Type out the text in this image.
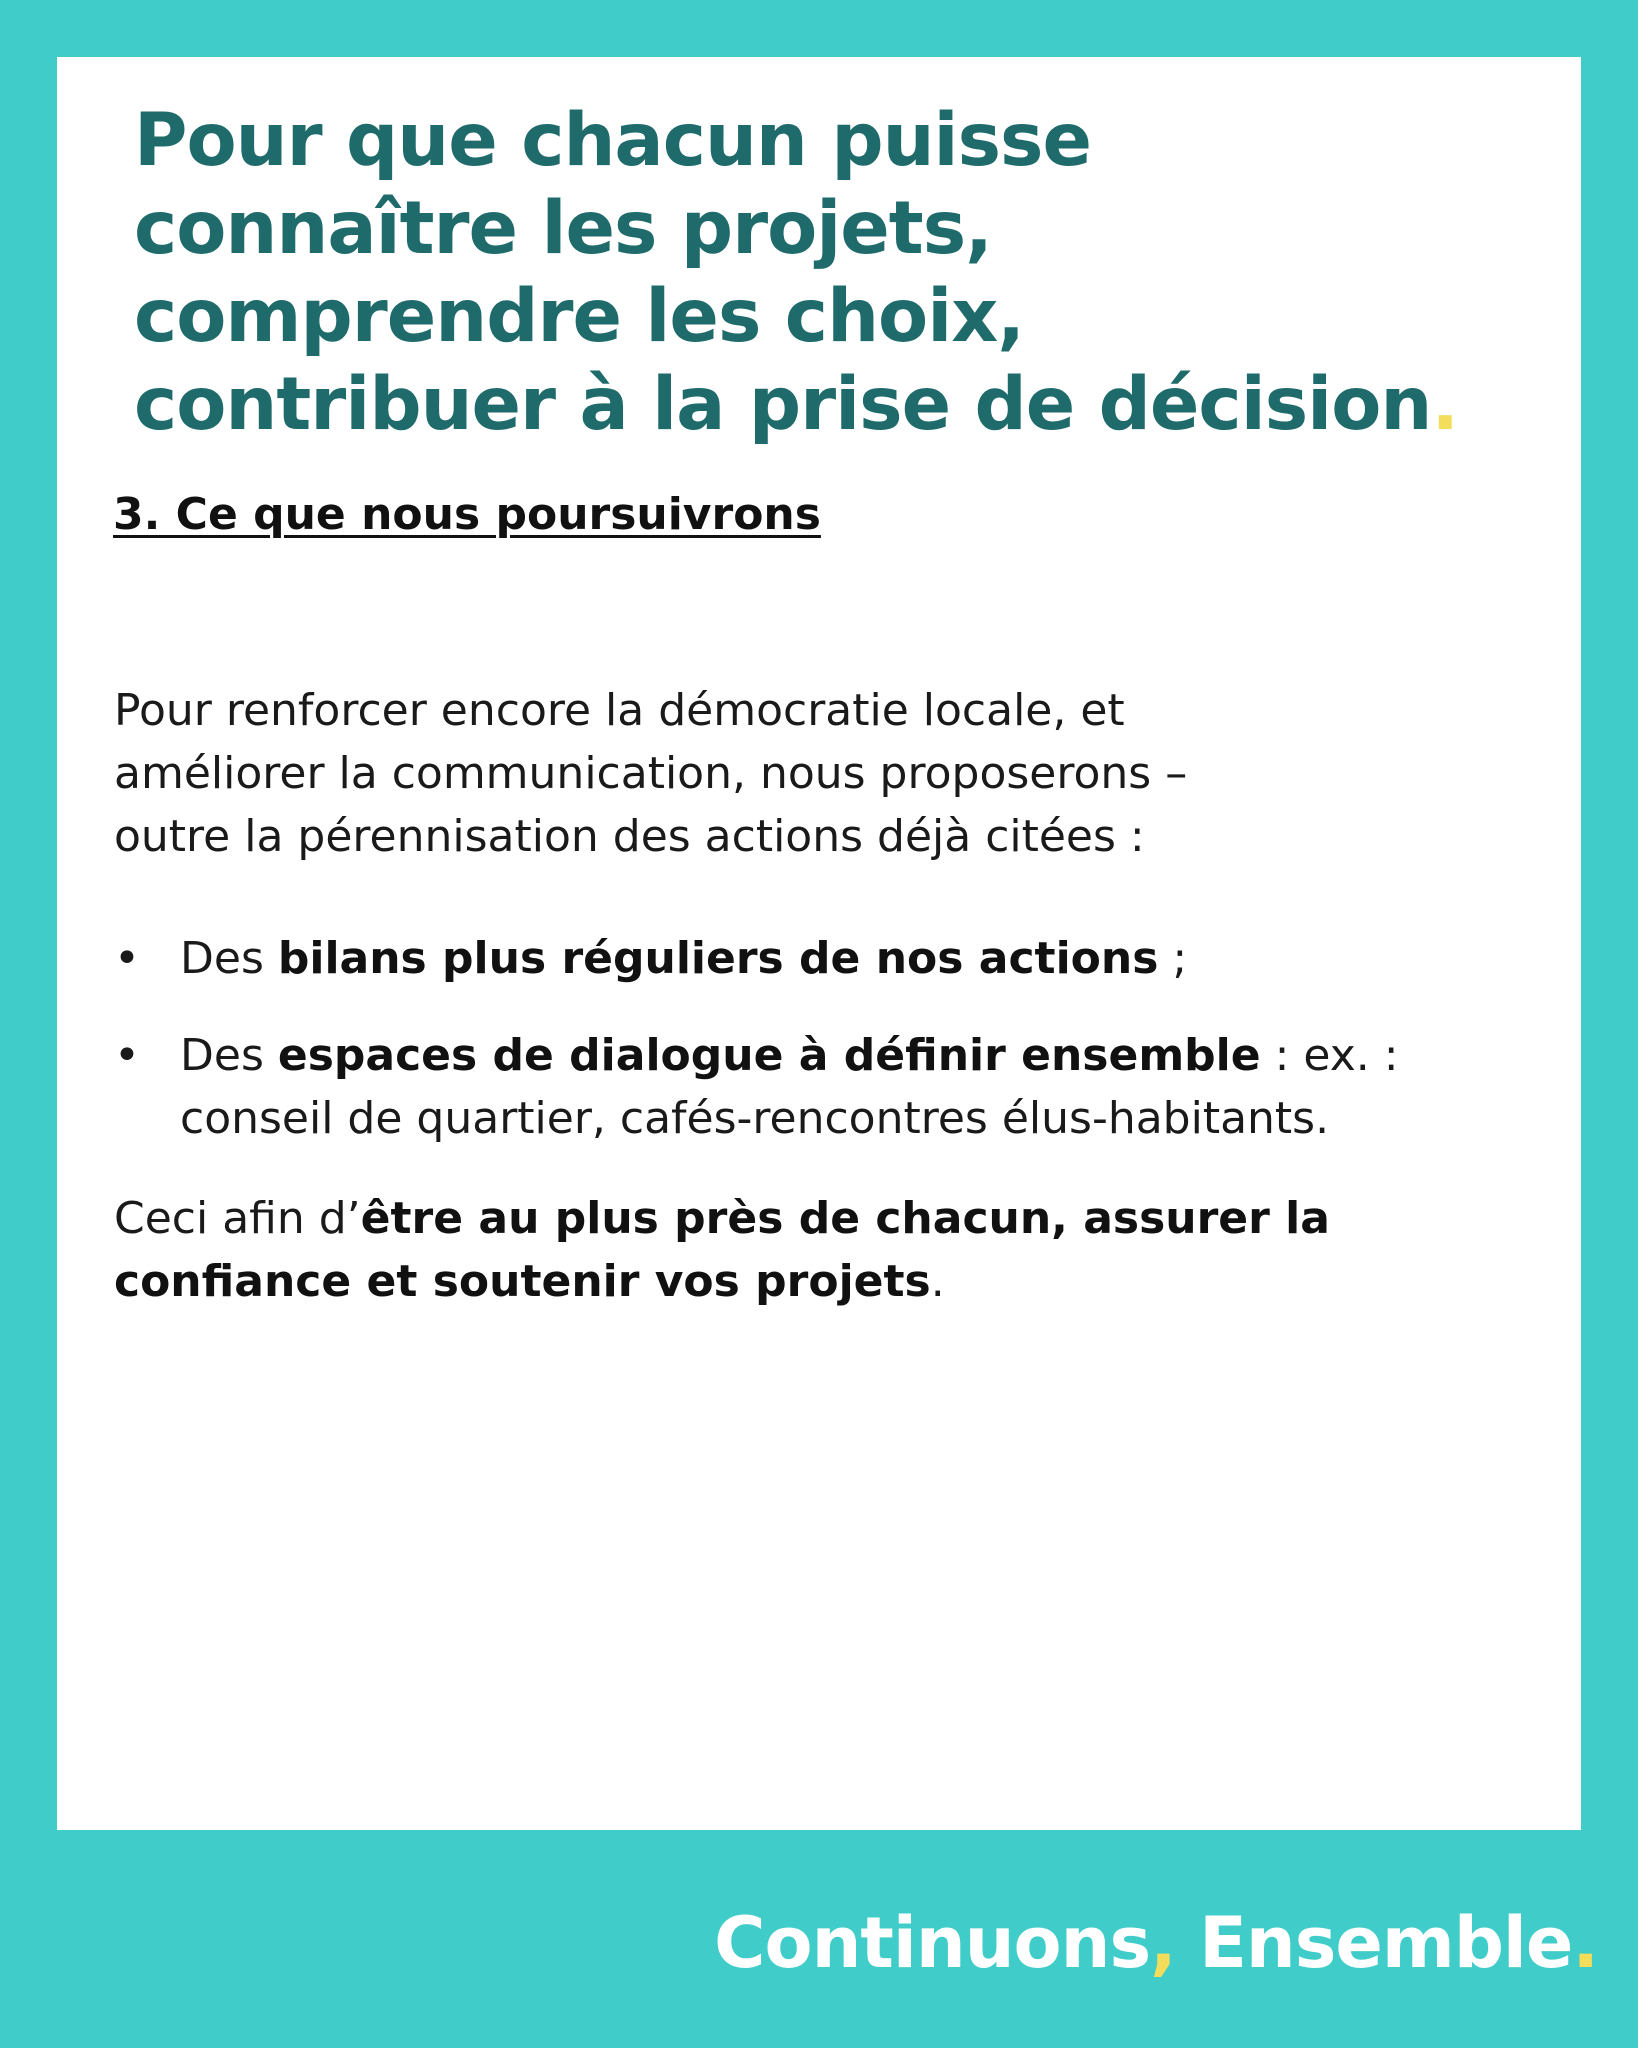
Pour que chacun puisse
connaître les projets,
comprendre les choix,
contribuer à la prise de décision.
3. Ce que nous poursuivrons

Pour renforcer encore la démocratie locale, et
améliorer la communication, nous proposerons –
outre la pérennisation des actions déjà citées :

• Des bilans plus réguliers de nos actions ;
• Des espaces de dialogue à définir ensemble : ex. :
conseil de quartier, cafés-rencontres élus-habitants.

Ceci afin d’être au plus près de chacun, assurer la
confiance et soutenir vos projets.

Continuons, Ensemble.
